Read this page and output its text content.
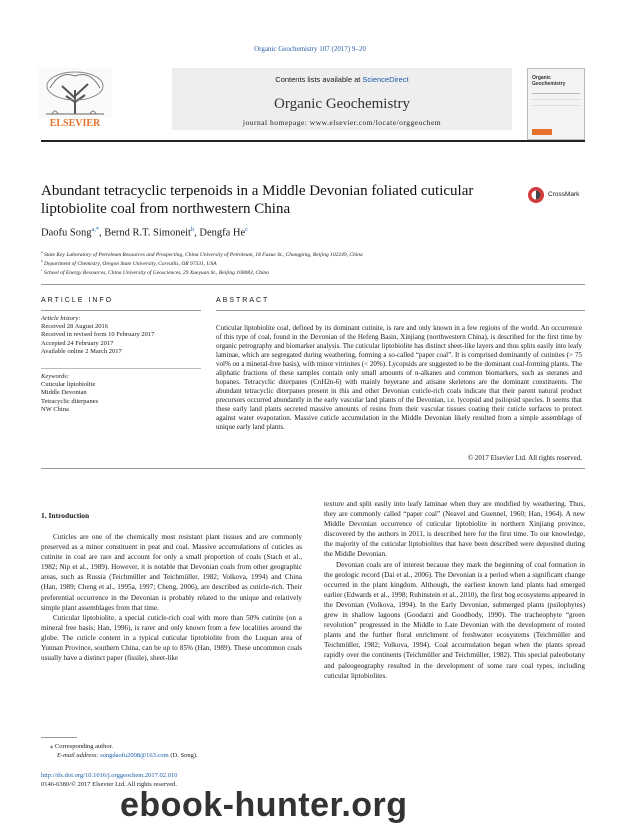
Organic Geochemistry 107 (2017) 9–20
ELSEVIER
Contents lists available at ScienceDirect
Organic Geochemistry
journal homepage: www.elsevier.com/locate/orggeochem
Organic Geochemistry
Abundant tetracyclic terpenoids in a Middle Devonian foliated cuticular liptobiolite coal from northwestern China
CrossMark
Daofu Song$^{a,*}$, Bernd R.T. Simoneit$^b$, Dengfa He$^c$
$^a$ State Key Laboratory of Petroleum Resources and Prospecting, China University of Petroleum, 18 Fuxue St., Changping, Beijing 102249, China
$^b$ Department of Chemistry, Oregon State University, Corvallis, OR 97331, USA
$^c$ School of Energy Resources, China University of Geosciences, 29 Xueyuan St., Beijing 100083, China
ARTICLE INFO
Article history:
Received 28 August 2016
Received in revised form 10 February 2017
Accepted 24 February 2017
Available online 2 March 2017
Keywords:
Cuticular liptobiolite
Middle Devonian
Tetracyclic diterpanes
NW China
ABSTRACT
Cuticular liptobiolite coal, defined by its dominant cutinite, is rare and only known in a few regions of the world. An occurrence of this type of coal, found in the Devonian of the Hefeng Basin, Xinjiang (northwestern China), is described for the first time by organic petrography and biomarker analysis. The cuticular liptobiolite has distinct sheet-like layers and thus splits easily into leafy laminae, which are segregated during weathering, forming a so-called “paper coal”. It is comprised dominantly of cutinites (> 75 vol% on a mineral-free basis), with minor vitrinites (< 20%). Lycopsids are suggested to be the dominant coal-forming plants. The aliphatic fractions of these samples contain only small amounts of n-alkanes and common biomarkers, such as steranes and hopanes. Tetracyclic diterpanes (CnH2n-6) with mainly beyerane and atisane skeletons are the dominant constituents. The abundant tetracyclic diterpanes present in this and other Devonian cuticle-rich coals indicate that their parent natural product precursors occurred abundantly in the early vascular land plants of the Devonian, i.e. lycopsid and psilopsid species. It seems that these early land plants secreted massive amounts of resins from their vascular tissues coating their cuticle surfaces to protect against water evaporation. Massive cuticle accumulation in the Middle Devonian likely resulted from a simple assemblage of unique early land plants.
© 2017 Elsevier Ltd. All rights reserved.
1. Introduction

Cuticles are one of the chemically most resistant plant tissues and are commonly preserved as a minor constituent in peat and coal. Massive accumulations of cuticles as cutinite in coal are rare and account for only a small proportion of coals (Stach et al., 1982; Nip et al., 1989). However, it is notable that Devonian coals from other geographic areas, such as Russia (Teichmüller and Teichmüller, 1982; Volkova, 1994) and China (Han, 1989; Cheng et al., 1995a, 1997; Cheng, 2006), are described as cuticle-rich. Their preferential occurrence in the Devonian is probably related to the unique and relatively simple plant assemblages from that time.

Cuticular liptobiolite, a special cuticle-rich coal with more than 50% cutinite (on a mineral free basis; Han, 1996), is rarer and only known from a few localities around the globe. The cuticle content in a typical cuticular liptobiolite from the Luquan area of Yunnan Province, southern China, can be up to 85% (Han, 1989). These uncommon coals usually have a distinct paper (fissile), sheet-like

texture and split easily into leafy laminae when they are modified by weathering. Thus, they are commonly called “paper coal” (Neavel and Guennel, 1960; Han, 1964). A new Middle Devonian occurrence of cuticular liptobiolite in northern Xinjiang province, discovered by the authors in 2011, is described here for the first time. To our knowledge, the majority of the cuticular liptobiolites that have been described were deposited during the Middle Devonian.

Devonian coals are of interest because they mark the beginning of coal formation in the geologic record (Dai et al., 2006). The Devonian is a period when a significant change occurred in the plant kingdom. Although, the earliest known land plants had emerged earlier (Edwards et al., 1998; Rubinstein et al., 2010), the first bog ecosystems appeared in the Devonian (Volkova, 1994). In the Early Devonian, submerged plants (psilophytes) grew in shallow lagoons (Goodarzi and Goodbody, 1990). The tracheophyte “green revolution” progressed in the Middle to Late Devonian with the development of rooted plants and the further floral enrichment of freshwater ecosystems (Teichmüller and Teichmüller, 1982; Volkova, 1994). Coal accumulation began when the plants spread rapidly over the continents (Teichmüller and Teichmüller, 1982). This special paleobotany and paleogeography resulted in the development of some rare coal types, including cuticular liptobiolites.

⁎ Corresponding author.
E-mail address: songdaofu2008@163.com (D. Song).
http://dx.doi.org/10.1016/j.orggeochem.2017.02.010
0146-6380/© 2017 Elsevier Ltd. All rights reserved.
ebook-hunter.org
